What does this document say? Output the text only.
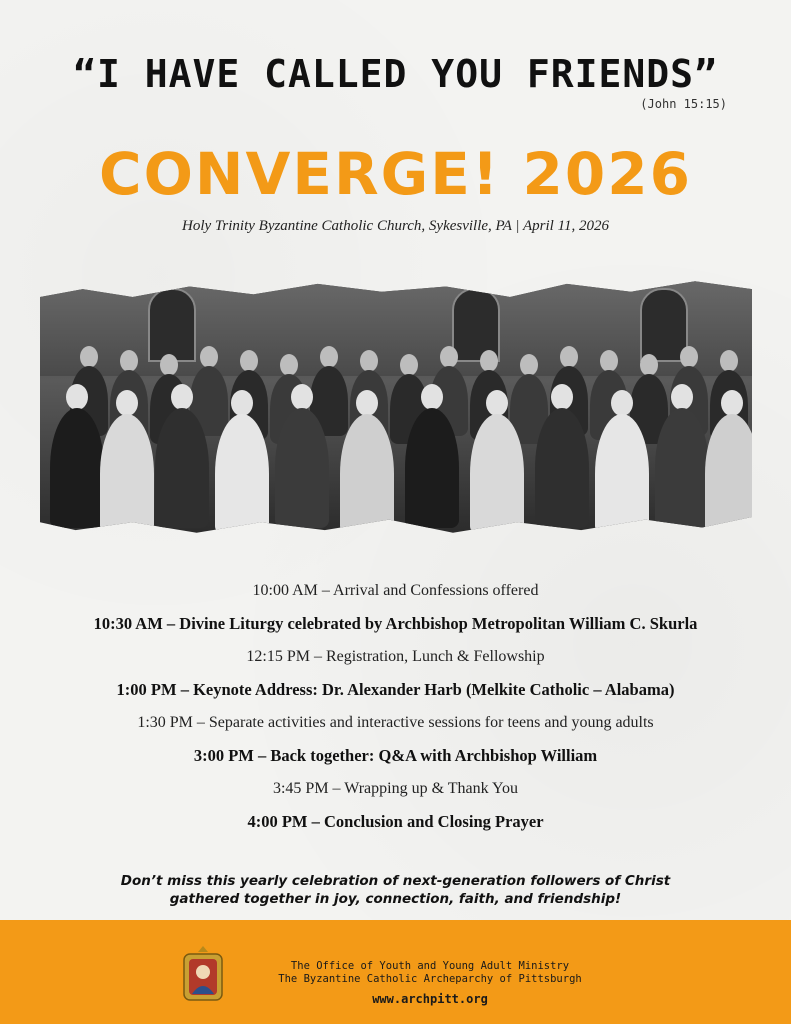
“I HAVE CALLED YOU FRIENDS”
(John 15:15)
CONVERGE! 2026
Holy Trinity Byzantine Catholic Church, Sykesville, PA | April 11, 2026
10:00 AM – Arrival and Confessions offered
10:30 AM – Divine Liturgy celebrated by Archbishop Metropolitan William C. Skurla
12:15 PM – Registration, Lunch & Fellowship
1:00 PM – Keynote Address: Dr. Alexander Harb (Melkite Catholic – Alabama)
1:30 PM – Separate activities and interactive sessions for teens and young adults
3:00 PM – Back together: Q&A with Archbishop William
3:45 PM – Wrapping up & Thank You
4:00 PM – Conclusion and Closing Prayer
Don’t miss this yearly celebration of next-generation followers of Christ
gathered together in joy, connection, faith, and friendship!
The Office of Youth and Young Adult Ministry
The Byzantine Catholic Archeparchy of Pittsburgh
www.archpitt.org
